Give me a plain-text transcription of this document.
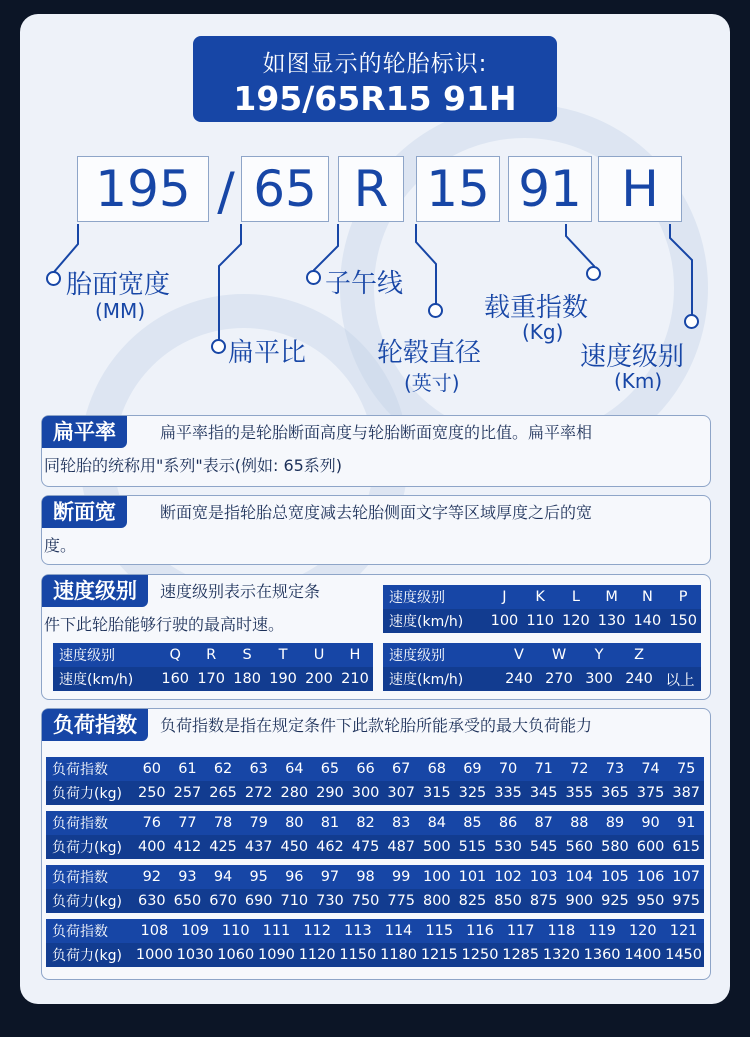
如图显示的轮胎标识:
195/65R15 91H
195 / 65 R 15 91 H
胎面宽度
(MM)
扁平比
子午线
轮毂直径
(英寸)
载重指数
(Kg)
速度级别
(Km)
扁平率	扁平率指的是轮胎断面高度与轮胎断面宽度的比值。扁平率相
同轮胎的统称用"系列"表示(例如: 65系列)
断面宽	断面宽是指轮胎总宽度减去轮胎侧面文字等区域厚度之后的宽
度。
速度级别	速度级别表示在规定条
件下此轮胎能够行驶的最高时速。
速度级别	J	K	L	M	N	P
速度(km/h)	100	110	120	130	140	150
速度级别	Q	R	S	T	U	H
速度(km/h)	160	170	180	190	200	210
速度级别	V	W	Y	Z	
速度(km/h)	240	270	300	240	以上
负荷指数	负荷指数是指在规定条件下此款轮胎所能承受的最大负荷能力
负荷指数	60	61	62	63	64	65	66	67	68	69	70	71	72	73	74	75
负荷力(kg)	250	257	265	272	280	290	300	307	315	325	335	345	355	365	375	387
负荷指数	76	77	78	79	80	81	82	83	84	85	86	87	88	89	90	91
负荷力(kg)	400	412	425	437	450	462	475	487	500	515	530	545	560	580	600	615
负荷指数	92	93	94	95	96	97	98	99	100	101	102	103	104	105	106	107
负荷力(kg)	630	650	670	690	710	730	750	775	800	825	850	875	900	925	950	975
负荷指数	108	109	110	111	112	113	114	115	116	117	118	119	120	121
负荷力(kg)	1000	1030	1060	1090	1120	1150	1180	1215	1250	1285	1320	1360	1400	1450
